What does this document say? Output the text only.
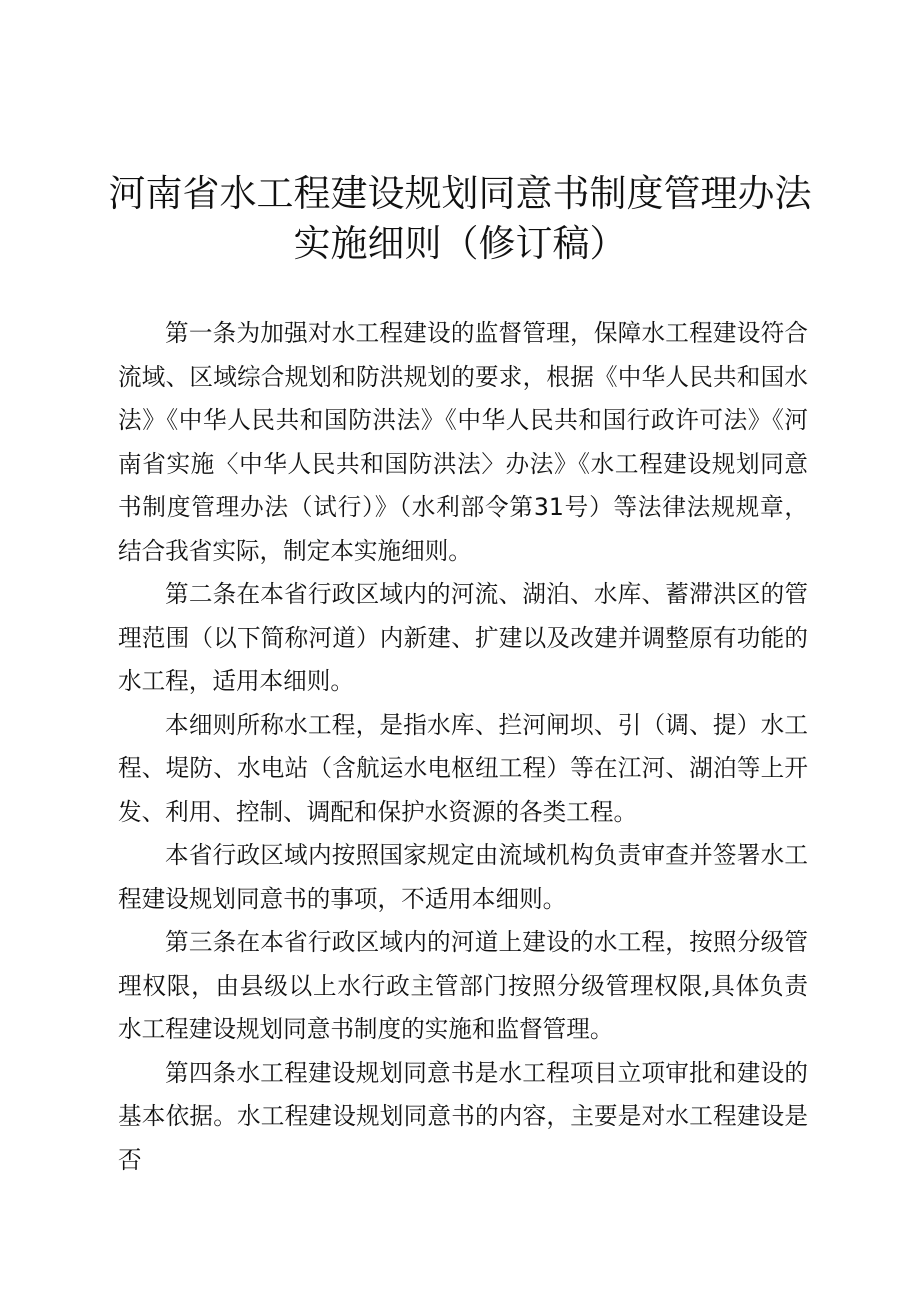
河南省水工程建设规划同意书制度管理办法
实施细则（修订稿）

第一条为加强对水工程建设的监督管理，保障水工程建设符合流域、区域综合规划和防洪规划的要求，根据《中华人民共和国水法》《中华人民共和国防洪法》《中华人民共和国行政许可法》《河南省实施〈中华人民共和国防洪法〉办法》《水工程建设规划同意书制度管理办法（试行）》（水利部令第31号）等法律法规规章，结合我省实际，制定本实施细则。

第二条在本省行政区域内的河流、湖泊、水库、蓄滞洪区的管理范围（以下简称河道）内新建、扩建以及改建并调整原有功能的水工程，适用本细则。

本细则所称水工程，是指水库、拦河闸坝、引（调、提）水工程、堤防、水电站（含航运水电枢纽工程）等在江河、湖泊等上开发、利用、控制、调配和保护水资源的各类工程。

本省行政区域内按照国家规定由流域机构负责审查并签署水工程建设规划同意书的事项，不适用本细则。

第三条在本省行政区域内的河道上建设的水工程，按照分级管理权限，由县级以上水行政主管部门按照分级管理权限,具体负责水工程建设规划同意书制度的实施和监督管理。

第四条水工程建设规划同意书是水工程项目立项审批和建设的基本依据。水工程建设规划同意书的内容，主要是对水工程建设是否
